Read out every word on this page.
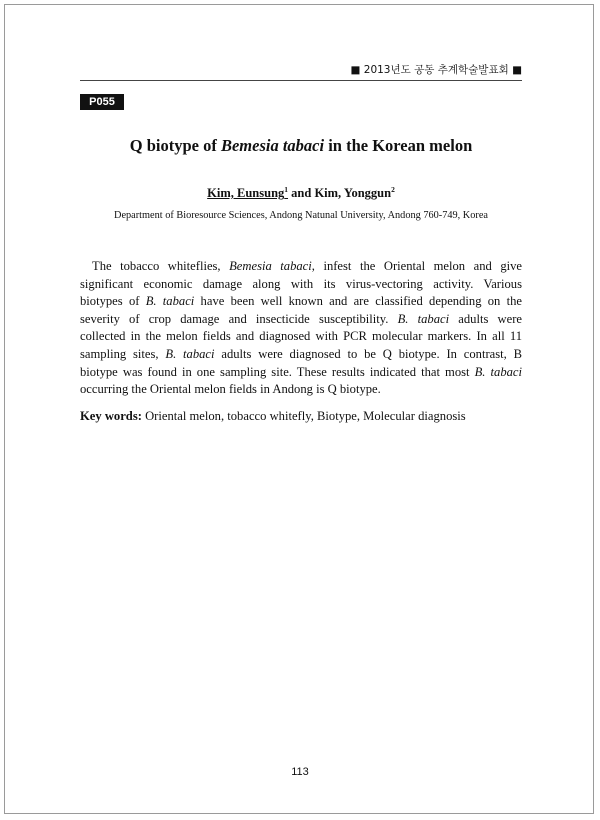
■ 2013년도 공동 추계학술발표회 ■
P055
Q biotype of Bemesia tabaci in the Korean melon
Kim, Eunsung$^1$ and Kim, Yonggun$^2$
Department of Bioresource Sciences, Andong Natunal University, Andong 760-749, Korea

The tobacco whiteflies, Bemesia tabaci, infest the Oriental melon and give
significant economic damage along with its virus-vectoring activity. Various
biotypes of B. tabaci have been well known and are classified depending on the
severity of crop damage and insecticide susceptibility. B. tabaci adults were
collected in the melon fields and diagnosed with PCR molecular markers. In all 11
sampling sites, B. tabaci adults were diagnosed to be Q biotype. In contrast, B
biotype was found in one sampling site. These results indicated that most B. tabaci
occurring the Oriental melon fields in Andong is Q biotype.

Key words: Oriental melon, tobacco whitefly, Biotype, Molecular diagnosis
113
